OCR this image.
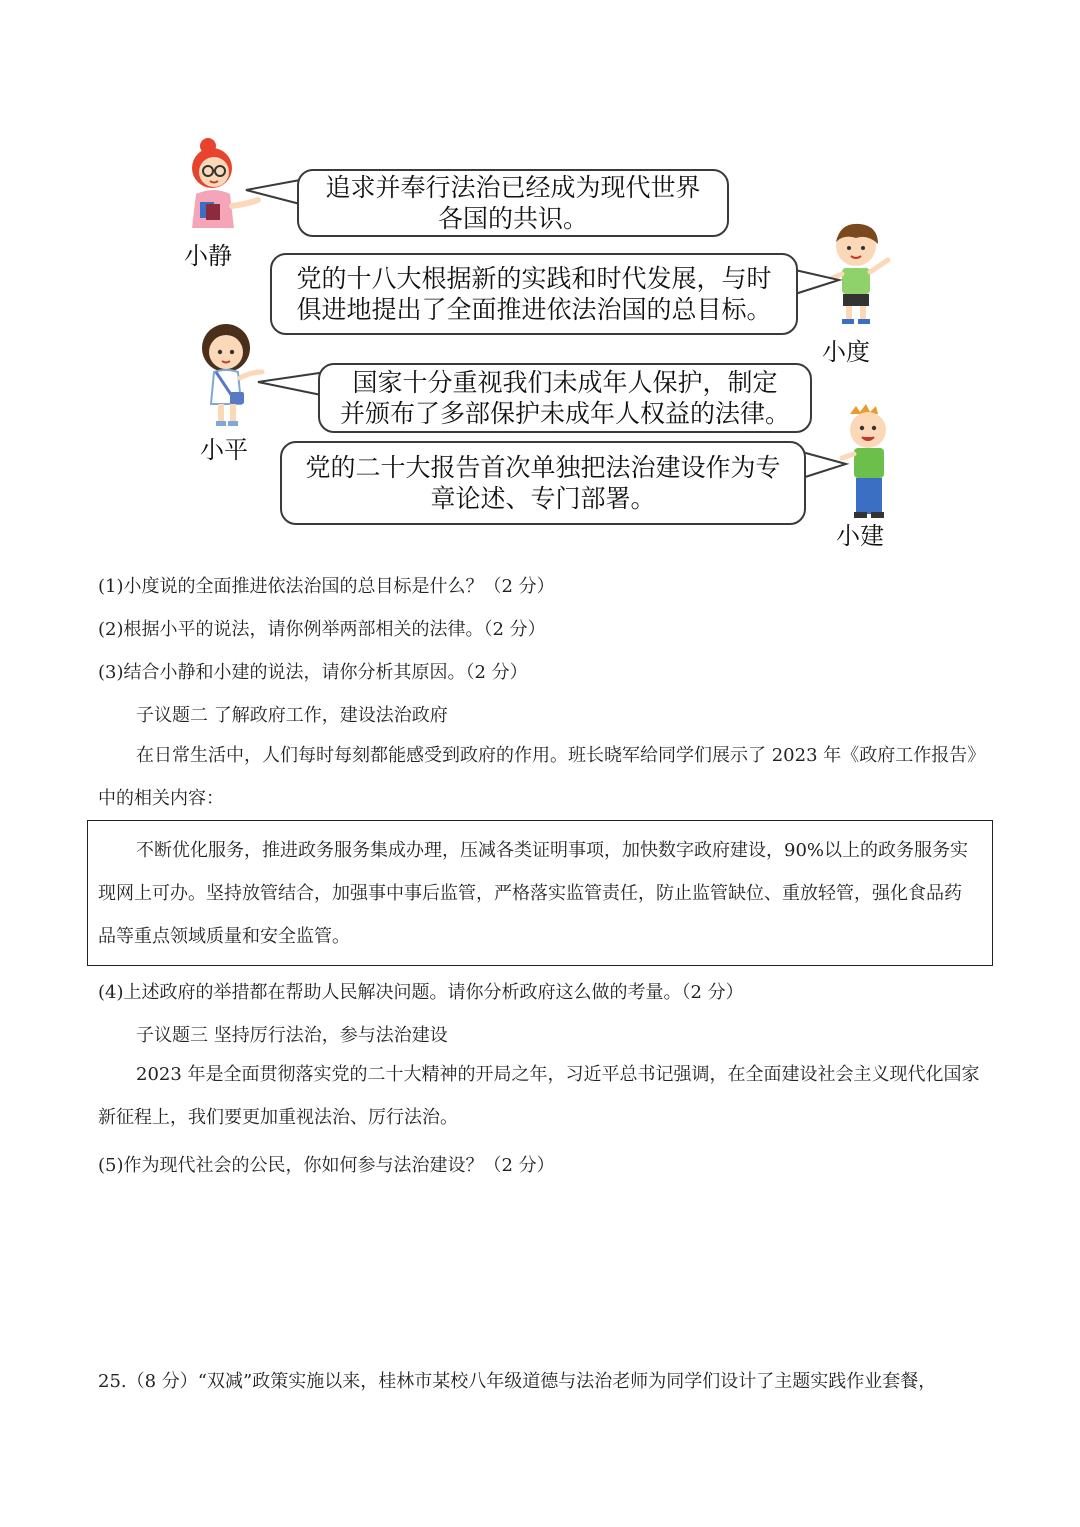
小静
追求并奉行法治已经成为现代世界
各国的共识。
小度
党的十八大根据新的实践和时代发展，与时
俱进地提出了全面推进依法治国的总目标。
小平
国家十分重视我们未成年人保护，制定
并颁布了多部保护未成年人权益的法律。
小建
党的二十大报告首次单独把法治建设作为专
章论述、专门部署。
(1)小度说的全面推进依法治国的总目标是什么？（2 分）
(2)根据小平的说法，请你例举两部相关的法律。（2 分）
(3)结合小静和小建的说法，请你分析其原因。（2 分）
子议题二 了解政府工作，建设法治政府
在日常生活中，人们每时每刻都能感受到政府的作用。班长晓军给同学们展示了 2023 年《政府工作报告》中的相关内容：
不断优化服务，推进政务服务集成办理，压减各类证明事项，加快数字政府建设，90%以上的政务服务实现网上可办。坚持放管结合，加强事中事后监管，严格落实监管责任，防止监管缺位、重放轻管，强化食品药品等重点领域质量和安全监管。
(4)上述政府的举措都在帮助人民解决问题。请你分析政府这么做的考量。（2 分）
子议题三 坚持厉行法治，参与法治建设
2023 年是全面贯彻落实党的二十大精神的开局之年，习近平总书记强调，在全面建设社会主义现代化国家新征程上，我们要更加重视法治、厉行法治。
(5)作为现代社会的公民，你如何参与法治建设？（2 分）
25.（8 分）“双减”政策实施以来，桂林市某校八年级道德与法治老师为同学们设计了主题实践作业套餐，
